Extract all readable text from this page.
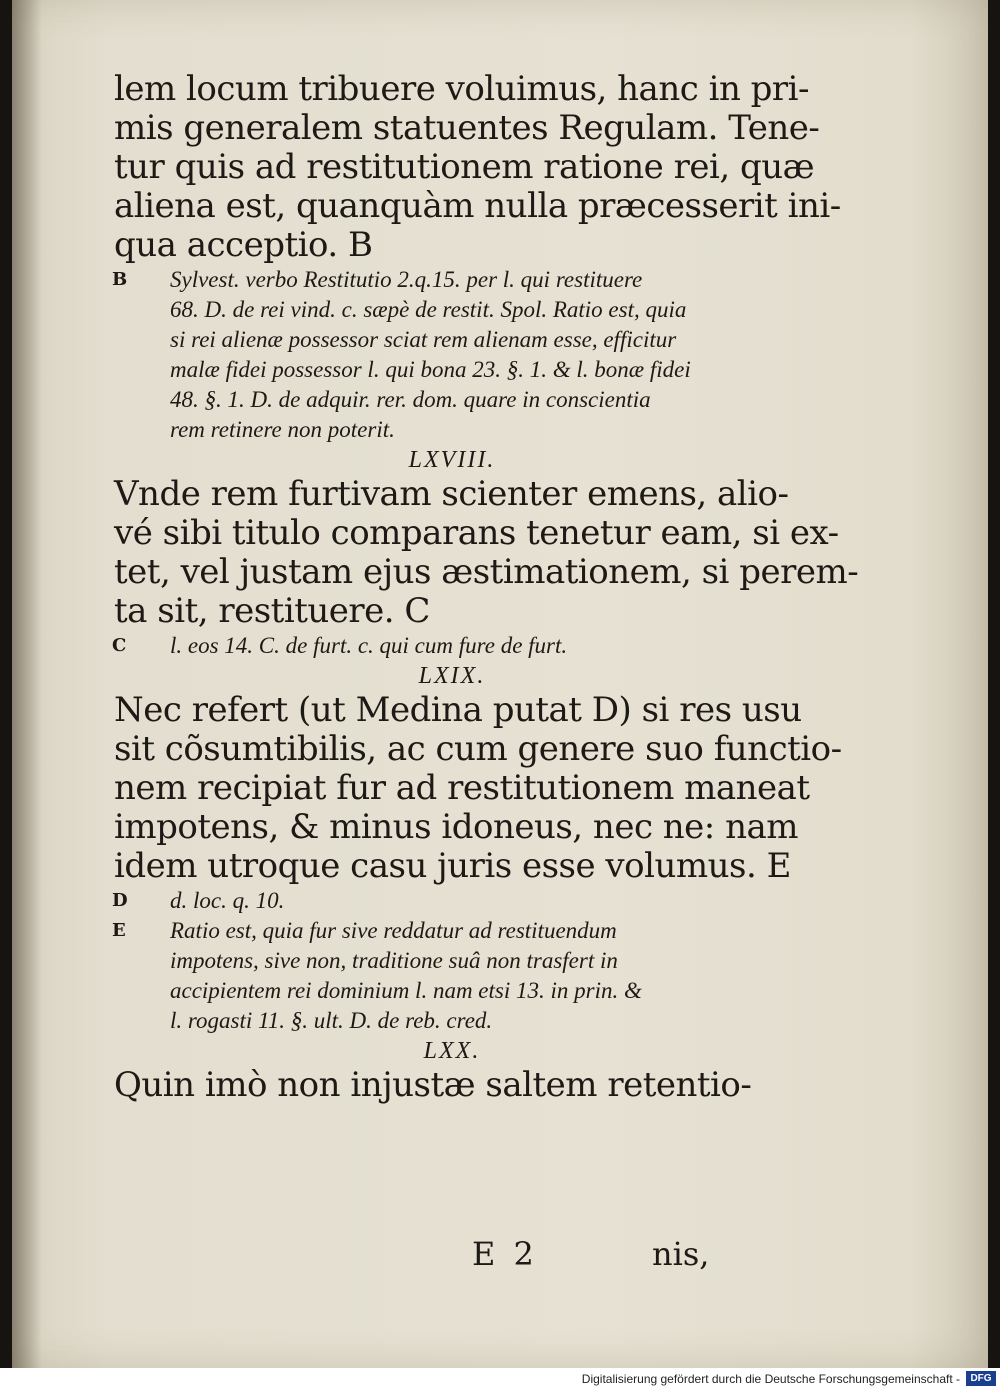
lem locum tribuere voluimus, hanc in pri-
mis generalem statuentes Regulam. Tene-
tur quis ad restitutionem ratione rei, quæ
aliena est, quanquàm nulla præcesserit ini-
qua acceptio. B
B Sylvest. verbo Restitutio 2.q.15. per l. qui restituere
68. D. de rei vind. c. sæpè de restit. Spol. Ratio est, quia
si rei alienæ possessor sciat rem alienam esse, efficitur
malæ fidei possessor l. qui bona 23. §. 1. & l. bonæ fidei
48. §. 1. D. de adquir. rer. dom. quare in conscientia
rem retinere non poterit.
LXVIII.
Vnde rem furtivam scienter emens, alio-
vé sibi titulo comparans tenetur eam, si ex-
tet, vel justam ejus æstimationem, si perem-
ta sit, restituere. C
C l. eos 14. C. de furt. c. qui cum fure de furt.
LXIX.
Nec refert (ut Medina putat D) si res usu
sit cõsumtibilis, ac cum genere suo functio-
nem recipiat fur ad restitutionem maneat
impotens, & minus idoneus, nec ne: nam
idem utroque casu juris esse volumus. E
D d. loc. q. 10.
E Ratio est, quia fur sive reddatur ad restituendum
impotens, sive non, traditione suâ non trasfert in
accipientem rei dominium l. nam etsi 13. in prin. &
l. rogasti 11. §. ult. D. de reb. cred.
LXX.
Quin imò non injustæ saltem retentio-
E 2	nis,
Digitalisierung gefördert durch die Deutsche Forschungsgemeinschaft -	DFG
